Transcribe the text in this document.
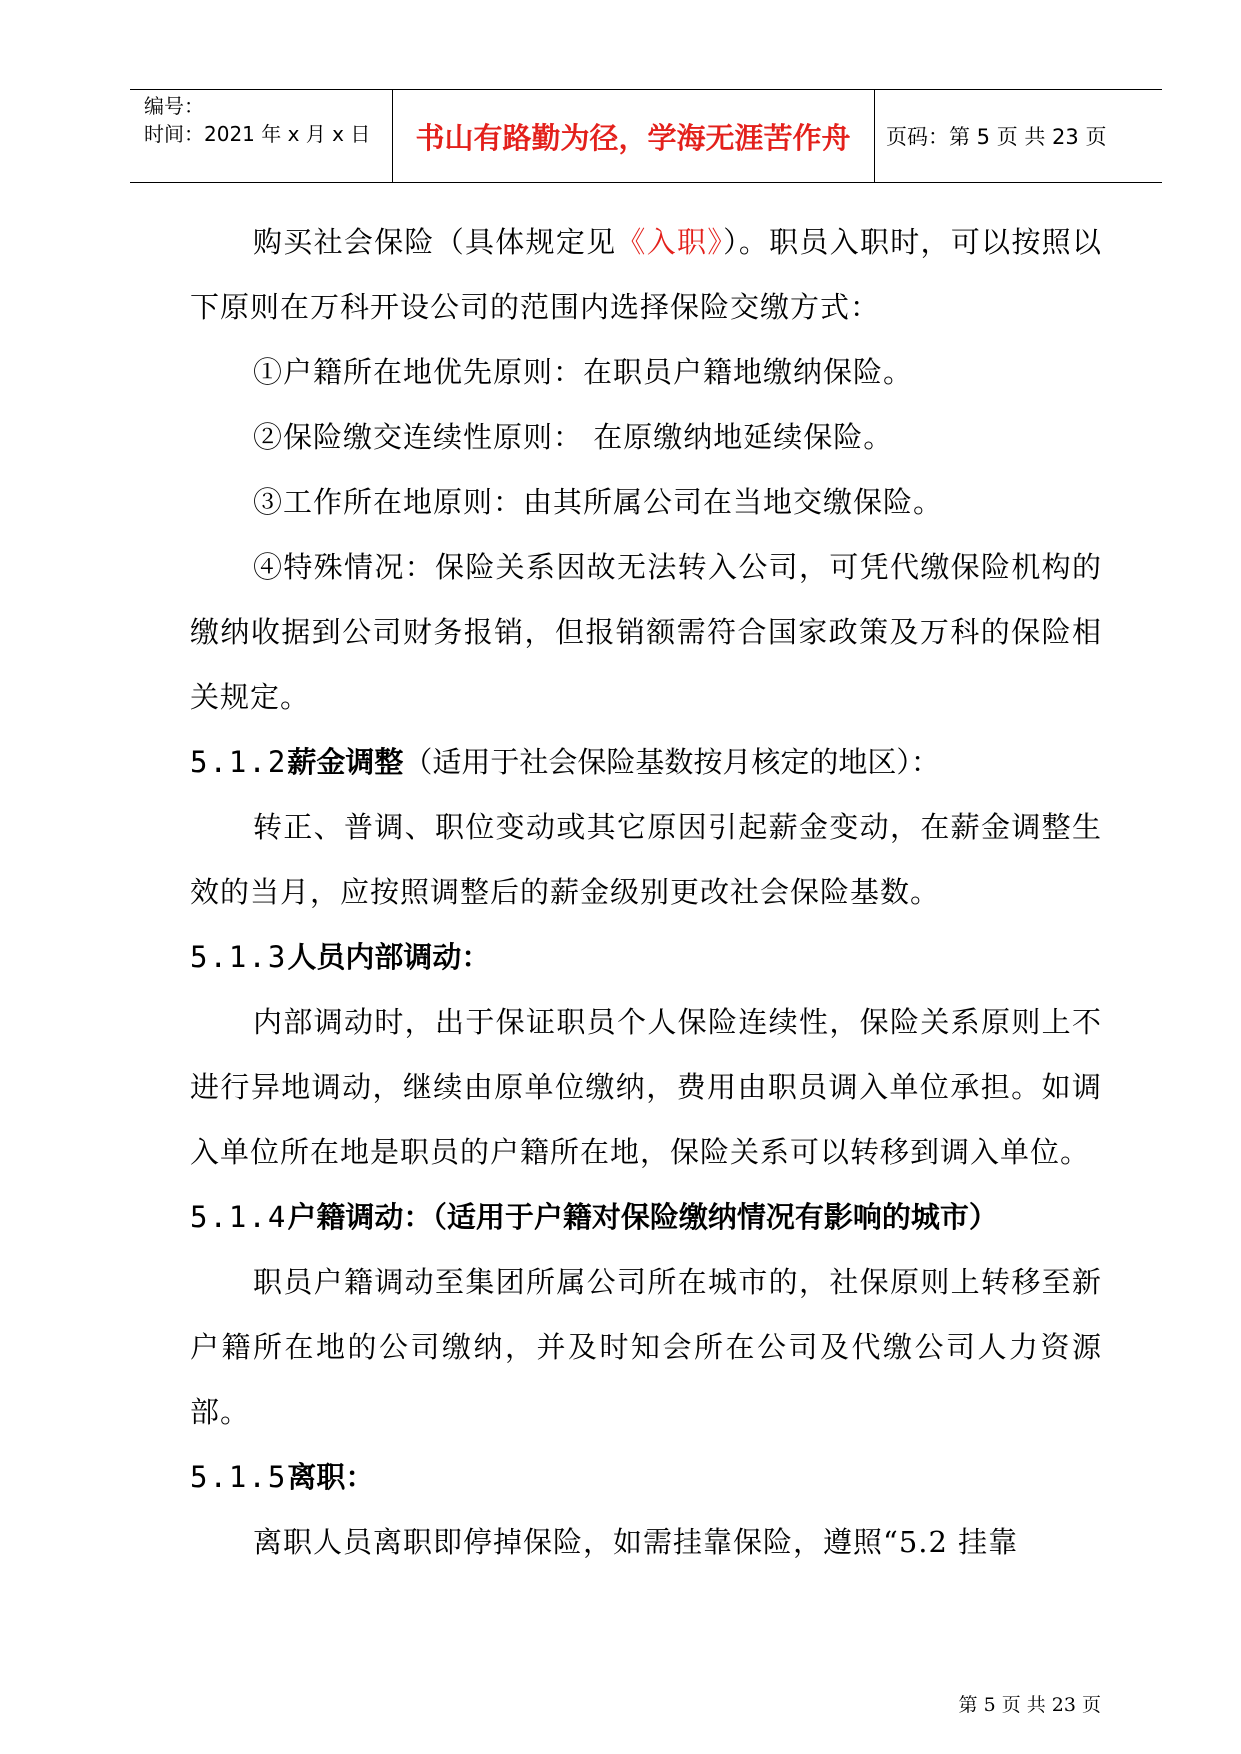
编号：
时间：2021 年 x 月 x 日	书山有路勤为径，学海无涯苦作舟	页码：第 5 页 共 23 页

购买社会保险（具体规定见《入职》）。职员入职时，可以按照以下原则在万科开设公司的范围内选择保险交缴方式：

①户籍所在地优先原则：在职员户籍地缴纳保险。

②保险缴交连续性原则： 在原缴纳地延续保险。

③工作所在地原则：由其所属公司在当地交缴保险。

④特殊情况：保险关系因故无法转入公司，可凭代缴保险机构的缴纳收据到公司财务报销，但报销额需符合国家政策及万科的保险相关规定。

5.1.2薪金调整（适用于社会保险基数按月核定的地区）：

转正、普调、职位变动或其它原因引起薪金变动，在薪金调整生效的当月，应按照调整后的薪金级别更改社会保险基数。

5.1.3人员内部调动：

内部调动时，出于保证职员个人保险连续性，保险关系原则上不进行异地调动，继续由原单位缴纳，费用由职员调入单位承担。如调入单位所在地是职员的户籍所在地，保险关系可以转移到调入单位。

5.1.4户籍调动：（适用于户籍对保险缴纳情况有影响的城市）

职员户籍调动至集团所属公司所在城市的，社保原则上转移至新户籍所在地的公司缴纳，并及时知会所在公司及代缴公司人力资源部。

5.1.5离职：

离职人员离职即停掉保险，如需挂靠保险，遵照“5.2 挂靠

第 5 页 共 23 页
